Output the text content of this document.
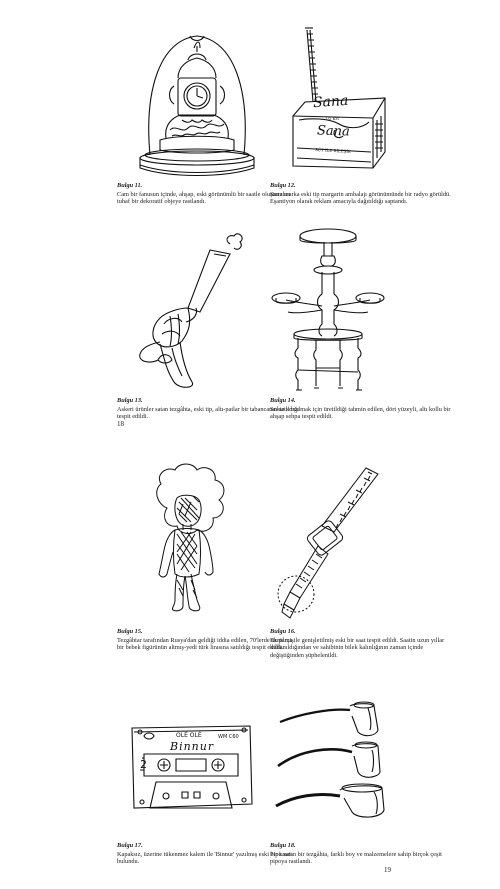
Bulgu 11.
Cam bir fanusun içinde, ahşap, eski görünümlü bir saatle oluşturulan tuhaf bir dekoratif objeye rastlandı.
Sana
Sana
1/2 KG
SÜT İLE BİLEŞİK
Bulgu 12.
Sana marka eski tip margarin ambalajı görünümünde bir radyo görüldü. Eşantiyon olarak reklam amacıyla dağıtıldığı saptandı.
Bulgu 13.
Askeri ürünler satan tezgâhta, eski tip, altı-patlar bir tabancanın satıldığı tespit edildi.
18
Bulgu 14.
Sokte konulmak için üretildiği tahmin edilen, dört yüzeyli, altı kollu bir ahşap sehpa tespit edildi.
Bulgu 15.
Tezgâhtar tarafından Rusya'dan geldiği iddia edilen, 70'lerde üretilmiş bir bebek figürünün altmış-yedi türk lirasına satıldığı tespit edildi.
Bulgu 16.
Ek parça ile genişletilmiş eski bir saat tespit edildi. Saatin uzun yıllar kullanıldığından ve sahibinin bilek kalınlığının zaman içinde değiştiğinden şüphelenildi.
OLÉ OLÉ	WM C60
Binnur
2
Bulgu 17.
Kapaksız, üzerine tükenmez kalem ile 'Binnur' yazılmış eski bir kaset bulundu.
Bulgu 18.
Pipo satan bir tezgâhta, farklı boy ve malzemelere sahip birçok çeşit pipoya rastlandı.
19
